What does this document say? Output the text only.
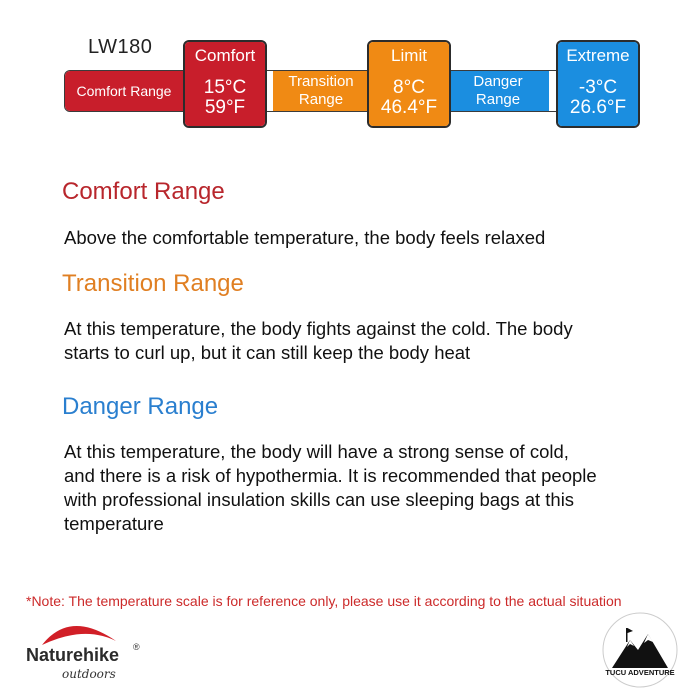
LW180
Comfort Range
Transition
Range
Danger
Range
Comfort
15°C
59°F
Limit
8°C
46.4°F
Extreme
-3°C
26.6°F
Comfort Range
Above the comfortable temperature, the body feels relaxed
Transition Range
At this temperature, the body fights against the cold. The body
starts to curl up, but it can still keep the body heat
Danger Range
At this temperature, the body will have a strong sense of cold,
and there is a risk of hypothermia. It is recommended that people
with professional insulation skills can use sleeping bags at this
temperature
*Note: The temperature scale is for reference only, please use it according to the actual situation
Naturehike ®
outdoors	TUCU ADVENTURE
